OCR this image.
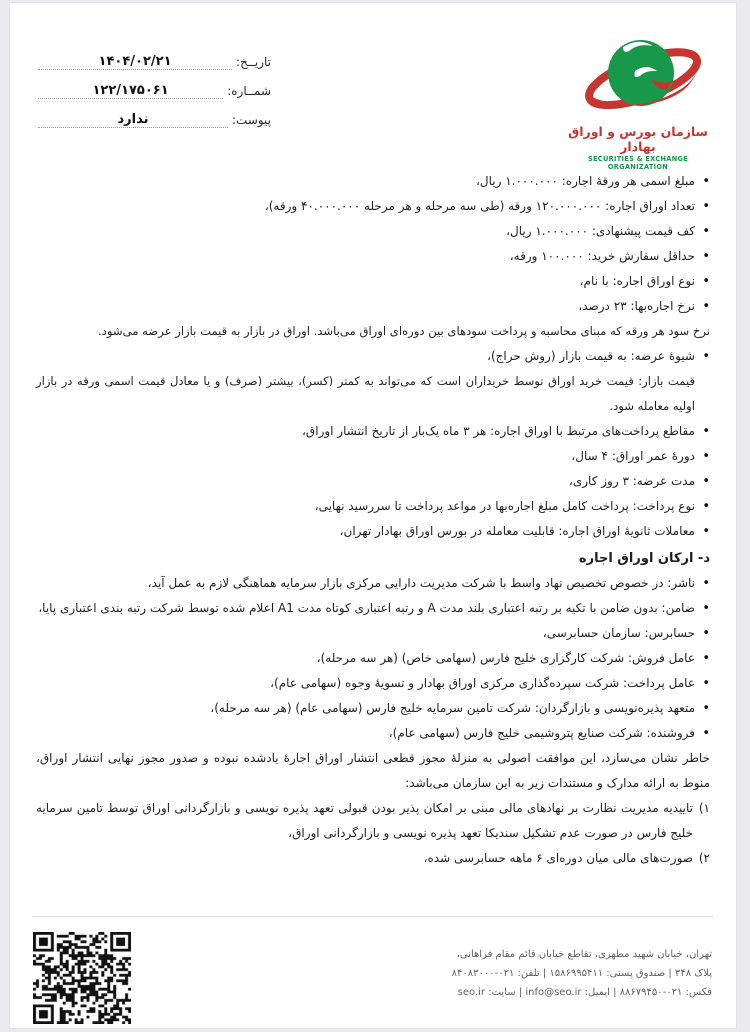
تاریــخ:
۱۴۰۴/۰۲/۲۱
شمــاره:
۱۲۲/۱۷۵۰۶۱
پیوست:
ندارد
سازمان بورس و اوراق بهادار
SECURITIES & EXCHANGE ORGANIZATION
• مبلغ اسمی هر ورقهٔ اجاره: ۱.۰۰۰.۰۰۰ ریال،
• تعداد اوراق اجاره: ۱۲۰.۰۰۰.۰۰۰ ورقه (طی سه مرحله و هر مرحله ۴۰.۰۰۰.۰۰۰ ورقه)،
• کف قیمت پیشنهادی: ۱.۰۰۰.۰۰۰ ریال،
• حداقل سفارش خرید: ۱۰۰.۰۰۰ ورقه،
• نوع اوراق اجاره: با نام،
• نرخ اجاره‌بها: ۲۳ درصد،
نرخ سود هر ورقه که مبنای محاسبه و پرداخت سودهای بین دوره‌ای اوراق می‌باشد. اوراق در بازار به قیمت بازار عرضه می‌شود.
• شیوهٔ عرضه: به قیمت بازار (روش حراج)،
قیمت بازار: قیمت خرید اوراق توسط خریداران است که می‌تواند به کمتر (کسر)، بیشتر (صرف) و یا معادل قیمت اسمی ورقه در بازار اولیه معامله شود.
• مقاطع پرداخت‌های مرتبط با اوراق اجاره: هر ۳ ماه یک‌بار از تاریخ انتشار اوراق،
• دورهٔ عمر اوراق: ۴ سال،
• مدت عرضه: ۳ روز کاری،
• نوع پرداخت: پرداخت کامل مبلغ اجاره‌بها در مواعد پرداخت تا سررسید نهایی،
• معاملات ثانویهٔ اوراق اجاره: قابلیت معامله در بورس اوراق بهادار تهران،
د- ارکان اوراق اجاره
• ناشر: در خصوص تخصیص نهاد واسط با شرکت مدیریت دارایی مرکزی بازار سرمایه هماهنگی لازم به عمل آید،
• ضامن: بدون ضامن با تکیه بر رتبه اعتباری بلند مدت A و رتبه اعتباری کوتاه مدت A1 اعلام شده توسط شرکت رتبه بندی اعتباری پایا،
• حسابرس: سازمان حسابرسی،
• عامل فروش: شرکت کارگزاری خلیج فارس (سهامی خاص) (هر سه مرحله)،
• عامل پرداخت: شرکت سپرده‌گذاری مرکزی اوراق بهادار و تسویهٔ وجوه (سهامی عام)،
• متعهد پذیره‌نویسی و بازارگردان: شرکت تامین سرمایه خلیج فارس (سهامی عام) (هر سه مرحله)،
• فروشنده: شرکت صنایع پتروشیمی خلیج فارس (سهامی عام)،
خاطر نشان می‌سازد، این موافقت اصولی به منزلهٔ مجوز قطعی انتشار اوراق اجارهٔ یادشده نبوده و صدور مجوز نهایی انتشار اوراق، منوط به ارائه مدارک و مستندات زیر به این سازمان می‌باشد:
۱)
تاییدیه مدیریت نظارت بر نهادهای مالی مبنی بر امکان پذیر بودن قبولی تعهد پذیره نویسی و بازارگردانی اوراق توسط تامین سرمایه خلیج فارس در صورت عدم تشکیل سندیکا تعهد پذیره نویسی و بازارگردانی اوراق،
۲)
صورت‌های مالی میان دوره‌ای ۶ ماهه حسابرسی شده،
تهران، خیابان شهید مطهری، تقاطع خیابان قائم مقام فراهانی،
پلاک ۳۴۸ | صندوق پستی: ۱۵۸۶۹۹۵۴۱۱ | تلفن: ۰۲۱-۸۴۰۸۳۰۰۰
فکس: ۰۲۱-۸۸۶۷۹۴۵۰ | ایمیل: info@seo.ir | سایت: seo.ir
